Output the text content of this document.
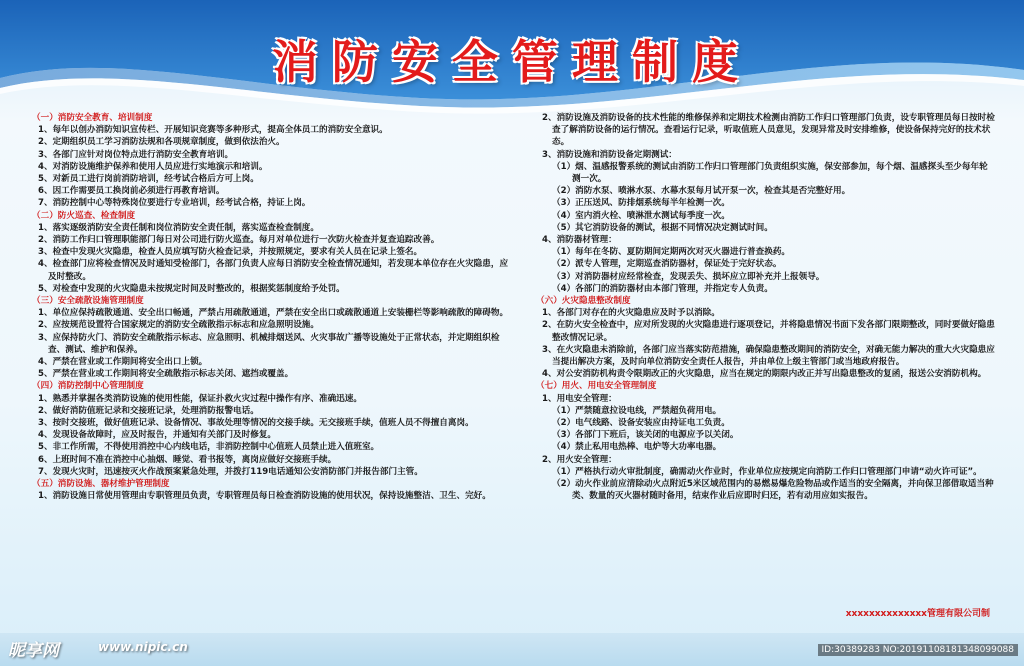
消防安全管理制度
（一）消防安全教育、培训制度
1、每年以创办消防知识宣传栏、开展知识竞赛等多种形式，提高全体员工的消防安全意识。
2、定期组织员工学习消防法规和各项规章制度，做到依法治火。
3、各部门应针对岗位特点进行消防安全教育培训。
4、对消防设施维护保养和使用人员应进行实地演示和培训。
5、对新员工进行岗前消防培训，经考试合格后方可上岗。
6、因工作需要员工换岗前必须进行再教育培训。
7、消防控制中心等特殊岗位要进行专业培训，经考试合格，持证上岗。
（二）防火巡查、检查制度
1、落实逐级消防安全责任制和岗位消防安全责任制，落实巡查检查制度。
2、消防工作归口管理职能部门每日对公司进行防火巡查。每月对单位进行一次防火检查并复查追踪改善。
3、检查中发现火灾隐患，检查人员应填写防火检查记录，并按照规定，要求有关人员在记录上签名。
4、检查部门应将检查情况及时通知受检部门，各部门负责人应每日消防安全检查情况通知，若发现本单位存在火灾隐患，应及时整改。
5、对检查中发现的火灾隐患未按规定时间及时整改的，根据奖惩制度给予处罚。
（三）安全疏散设施管理制度
1、单位应保持疏散通道、安全出口畅通，严禁占用疏散通道，严禁在安全出口或疏散通道上安装栅栏等影响疏散的障碍物。
2、应按规范设置符合国家规定的消防安全疏散指示标志和应急照明设施。
3、应保持防火门、消防安全疏散指示标志、应急照明、机械排烟送风、火灾事故广播等设施处于正常状态，并定期组织检查、测试、维护和保养。
4、严禁在营业或工作期间将安全出口上锁。
5、严禁在营业或工作期间将安全疏散指示标志关闭、遮挡或覆盖。
（四）消防控制中心管理制度
1、熟悉并掌握各类消防设施的使用性能，保证扑救火灾过程中操作有序、准确迅速。
2、做好消防值班记录和交接班记录，处理消防报警电话。
3、按时交接班，做好值班记录、设备情况、事故处理等情况的交接手续。无交接班手续，值班人员不得擅自离岗。
4、发现设备故障时，应及时报告，并通知有关部门及时修复。
5、非工作所需，不得使用消控中心内线电话，非消防控制中心值班人员禁止进入值班室。
6、上班时间不准在消控中心抽烟、睡觉、看书报等，离岗应做好交接班手续。
7、发现火灾时，迅速按灭火作战预案紧急处理，并拨打119电话通知公安消防部门并报告部门主管。
（五）消防设施、器材维护管理制度
1、消防设施日常使用管理由专职管理员负责，专职管理员每日检查消防设施的使用状况，保持设施整洁、卫生、完好。
2、消防设施及消防设备的技术性能的维修保养和定期技术检测由消防工作归口管理部门负责，设专职管理员每日按时检查了解消防设备的运行情况。查看运行记录，听取值班人员意见，发现异常及时安排维修，使设备保持完好的技术状态。
3、消防设施和消防设备定期测试：
（1）烟、温感报警系统的测试由消防工作归口管理部门负责组织实施，保安部参加，每个烟、温感探头至少每年轮测一次。
（2）消防水泵、喷淋水泵、水幕水泵每月试开泵一次，检查其是否完整好用。
（3）正压送风、防排烟系统每半年检测一次。
（4）室内消火栓、喷淋泄水测试每季度一次。
（5）其它消防设备的测试，根据不同情况决定测试时间。
4、消防器材管理：
（1）每年在冬防、夏防期间定期两次对灭火器进行普查换药。
（2）派专人管理，定期巡查消防器材，保证处于完好状态。
（3）对消防器材应经常检查，发现丢失、损坏应立即补充并上报领导。
（4）各部门的消防器材由本部门管理，并指定专人负责。
（六）火灾隐患整改制度
1、各部门对存在的火灾隐患应及时予以消除。
2、在防火安全检查中，应对所发现的火灾隐患进行逐项登记，并将隐患情况书面下发各部门限期整改，同时要做好隐患整改情况记录。
3、在火灾隐患未消除前，各部门应当落实防范措施，确保隐患整改期间的消防安全，对确无能力解决的重大火灾隐患应当提出解决方案，及时向单位消防安全责任人报告，并由单位上级主管部门或当地政府报告。
4、对公安消防机构责令限期改正的火灾隐患，应当在规定的期限内改正并写出隐患整改的复函，报送公安消防机构。
（七）用火、用电安全管理制度
1、用电安全管理：
（1）严禁随意拉设电线，严禁超负荷用电。
（2）电气线路、设备安装应由持证电工负责。
（3）各部门下班后，该关闭的电源应予以关闭。
（4）禁止私用电热棒、电炉等大功率电器。
2、用火安全管理：
（1）严格执行动火审批制度，确需动火作业时，作业单位应按规定向消防工作归口管理部门申请“动火许可证”。
（2）动火作业前应清除动火点附近5米区域范围内的易燃易爆危险物品或作适当的安全隔离，并向保卫部借取适当种类、数量的灭火器材随时备用，结束作业后应即时归还，若有动用应如实报告。
xxxxxxxxxxxxxx管理有限公司制
昵享网	www.nipic.cn	ID:30389283 NO:20191108181348099088
